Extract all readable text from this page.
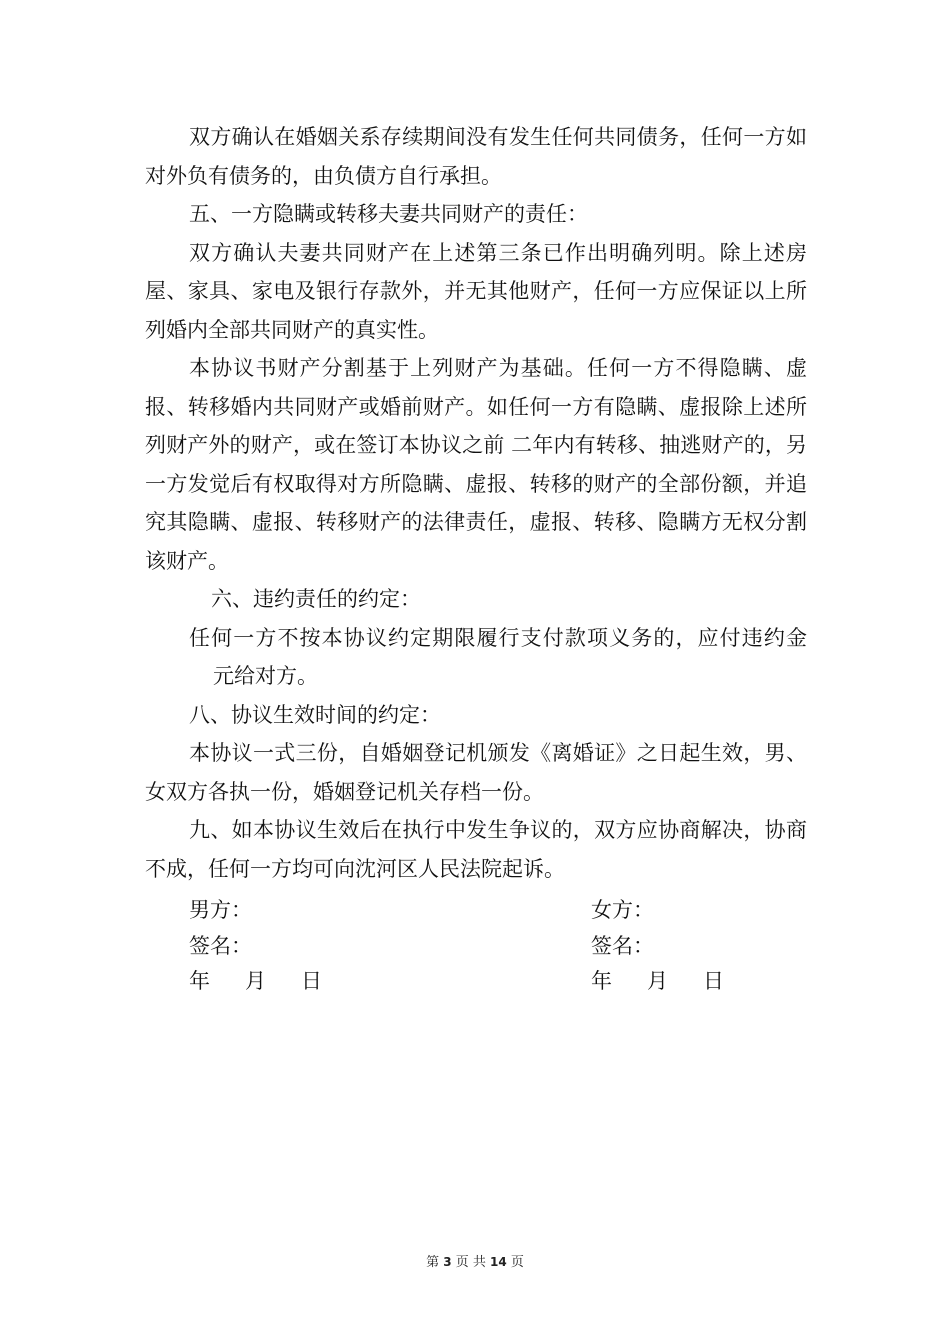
双方确认在婚姻关系存续期间没有发生任何共同债务，任何一方如对外负有债务的，由负债方自行承担。

五、一方隐瞒或转移夫妻共同财产的责任：

双方确认夫妻共同财产在上述第三条已作出明确列明。除上述房屋、家具、家电及银行存款外，并无其他财产，任何一方应保证以上所列婚内全部共同财产的真实性。

本协议书财产分割基于上列财产为基础。任何一方不得隐瞒、虚报、转移婚内共同财产或婚前财产。如任何一方有隐瞒、虚报除上述所列财产外的财产，或在签订本协议之前 二年内有转移、抽逃财产的，另一方发觉后有权取得对方所隐瞒、虚报、转移的财产的全部份额，并追究其隐瞒、虚报、转移财产的法律责任，虚报、转移、隐瞒方无权分割该财产。

六、违约责任的约定：

任何一方不按本协议约定期限履行支付款项义务的，应付违约金元给对方。

八、协议生效时间的约定：

本协议一式三份，自婚姻登记机颁发《离婚证》之日起生效，男、女双方各执一份，婚姻登记机关存档一份。

九、如本协议生效后在执行中发生争议的，双方应协商解决，协商不成，任何一方均可向沈河区人民法院起诉。

男方：
签名：
年 月 日
女方：
签名：
年 月 日
第 3 页 共 14 页
